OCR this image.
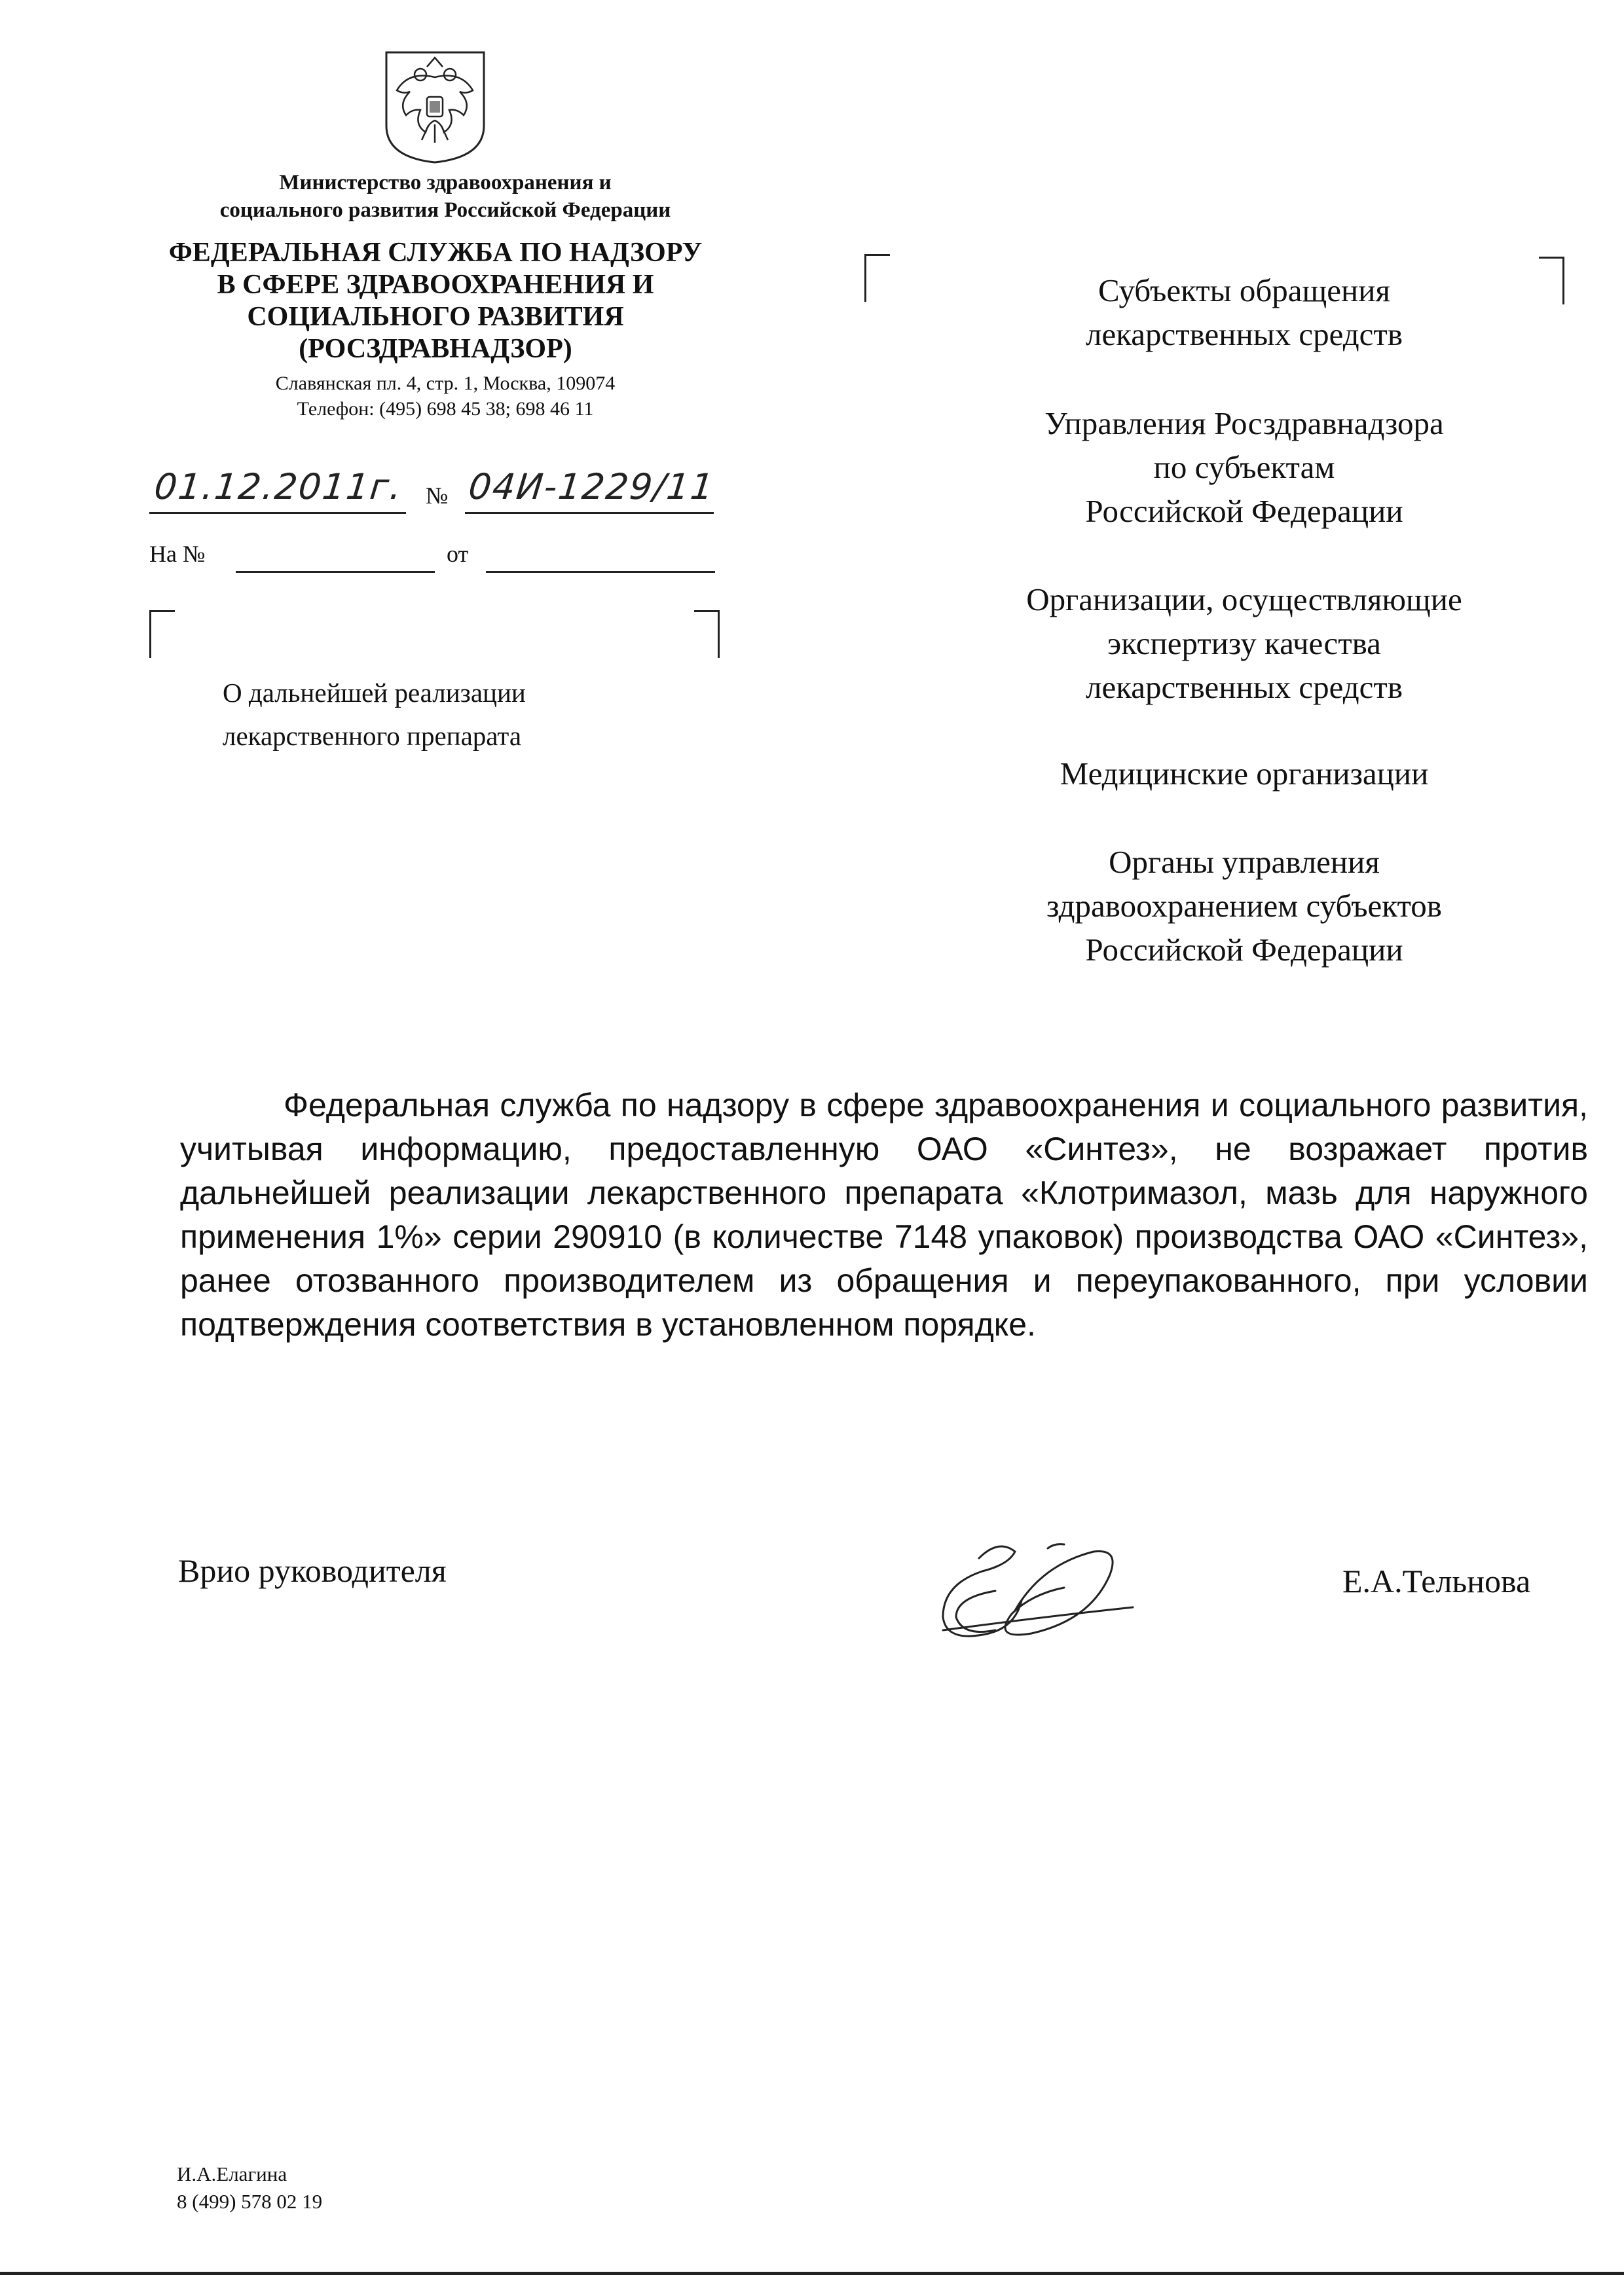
Министерство здравоохранения и
социального развития Российской Федерации
ФЕДЕРАЛЬНАЯ СЛУЖБА ПО НАДЗОРУ
В СФЕРЕ ЗДРАВООХРАНЕНИЯ И
СОЦИАЛЬНОГО РАЗВИТИЯ
(РОСЗДРАВНАДЗОР)
Славянская пл. 4, стр. 1, Москва, 109074
Телефон: (495) 698 45 38; 698 46 11
01.12.2011г. № 04И-1229/11
На №	от
О дальнейшей реализации
лекарственного препарата
Субъекты обращения
лекарственных средств
Управления Росздравнадзора
по субъектам
Российской Федерации
Организации, осуществляющие
экспертизу качества
лекарственных средств
Медицинские организации
Органы управления
здравоохранением субъектов
Российской Федерации
Федеральная служба по надзору в сфере здравоохранения и социального развития, учитывая информацию, предоставленную ОАО «Синтез», не возражает против дальнейшей реализации лекарственного препарата «Клотримазол, мазь для наружного применения 1%» серии 290910 (в количестве 7148 упаковок) производства ОАО «Синтез», ранее отозванного производителем из обращения и переупакованного, при условии подтверждения соответствия в установленном порядке.
Врио руководителя	Е.А.Тельнова
И.А.Елагина
8 (499) 578 02 19
